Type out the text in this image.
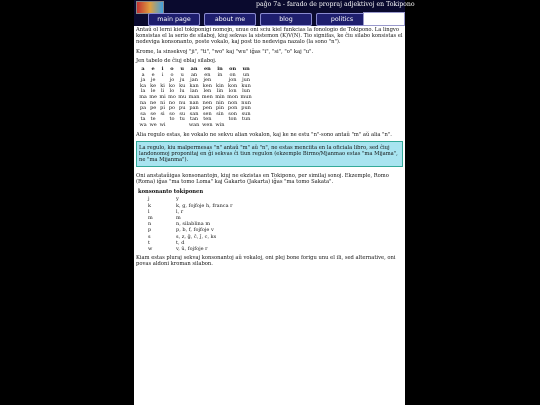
paĝo 7a - farado de propraj adjektivoj en Tokipono
main page	about me	blog	politics

Antaŭ ol lerni kiel tokiponigi nomojn, unue oni sciu kiel funkcias la fonologio de Tokipono. La lingvo konsistas el la serio de silaboj, kiuj sekvas la sistemon (K)V(N). Tio signifas, ke ĉiu silabo konsistas el nedeviga konsonanto, poste vokalo, kaj post tio nedeviga nazalo (la sono "n").

Krome, la sinsekvoj "ji", "ti", "wo" kaj "wu" iĝas "i", "si", "o" kaj "u".

Jen tabelo de ĉiuj eblaj silaboj.

a	e	i	o	u	an	en	in	on	un
a	e	i	o	u	an	en	in	on	un
ja	je		jo	ju	jan	jen		jon	jun
ka	ke	ki	ko	ku	kan	ken	kin	kon	kun
la	le	li	lo	lu	lan	len	lin	lon	lun
ma	me	mi	mo	mu	man	men	min	mon	mun
na	ne	ni	no	nu	nan	nen	nin	non	nun
pa	pe	pi	po	pu	pan	pen	pin	pon	pun
sa	se	si	so	su	san	sen	sin	son	sun
ta	te		to	tu	tan	ten		ton	tun
wa	we	wi			wan	wen	win		

Alia regulo estas, ke vokalo ne sekvu alian vokalon, kaj ke ne estu "n"-sono antaŭ "m" aŭ alia "n".

La regulo, kiu malpermesas "n" antaŭ "m" aŭ "n", ne estas menciita en la oficiala libro, sed ĉiuj landonomoj proponitaj en ĝi sekvas ĉi tiun regulon (ekzemple Birmo/Mjanmao estas "ma Mijama", ne "ma Mijanma").

Oni anstataŭigas konsonantojn, kiuj ne ekzistas en Tokipono, per similaj sonoj. Ekzemple, Romo (Roma) iĝas "ma tomo Loma" kaj Ĝakarto (Jakarta) iĝas "ma tomo Sakata".

konsonanto tokiponen
j	y
k	k, g, fojfoje h, franca r
l	l, r
m	m
n	n, silablina m
p	p, b, f, fojfoje v
s	s, z, ĝ, ĉ, ĵ, c, ks
t	t, d
w	v, ŭ, fojfoje r

Kiam estas pluraj sekvaj konsonantoj aŭ vokaloj, oni plej bone forigu unu el ili, sed alternative, oni povas aldoni kroman silabon.
